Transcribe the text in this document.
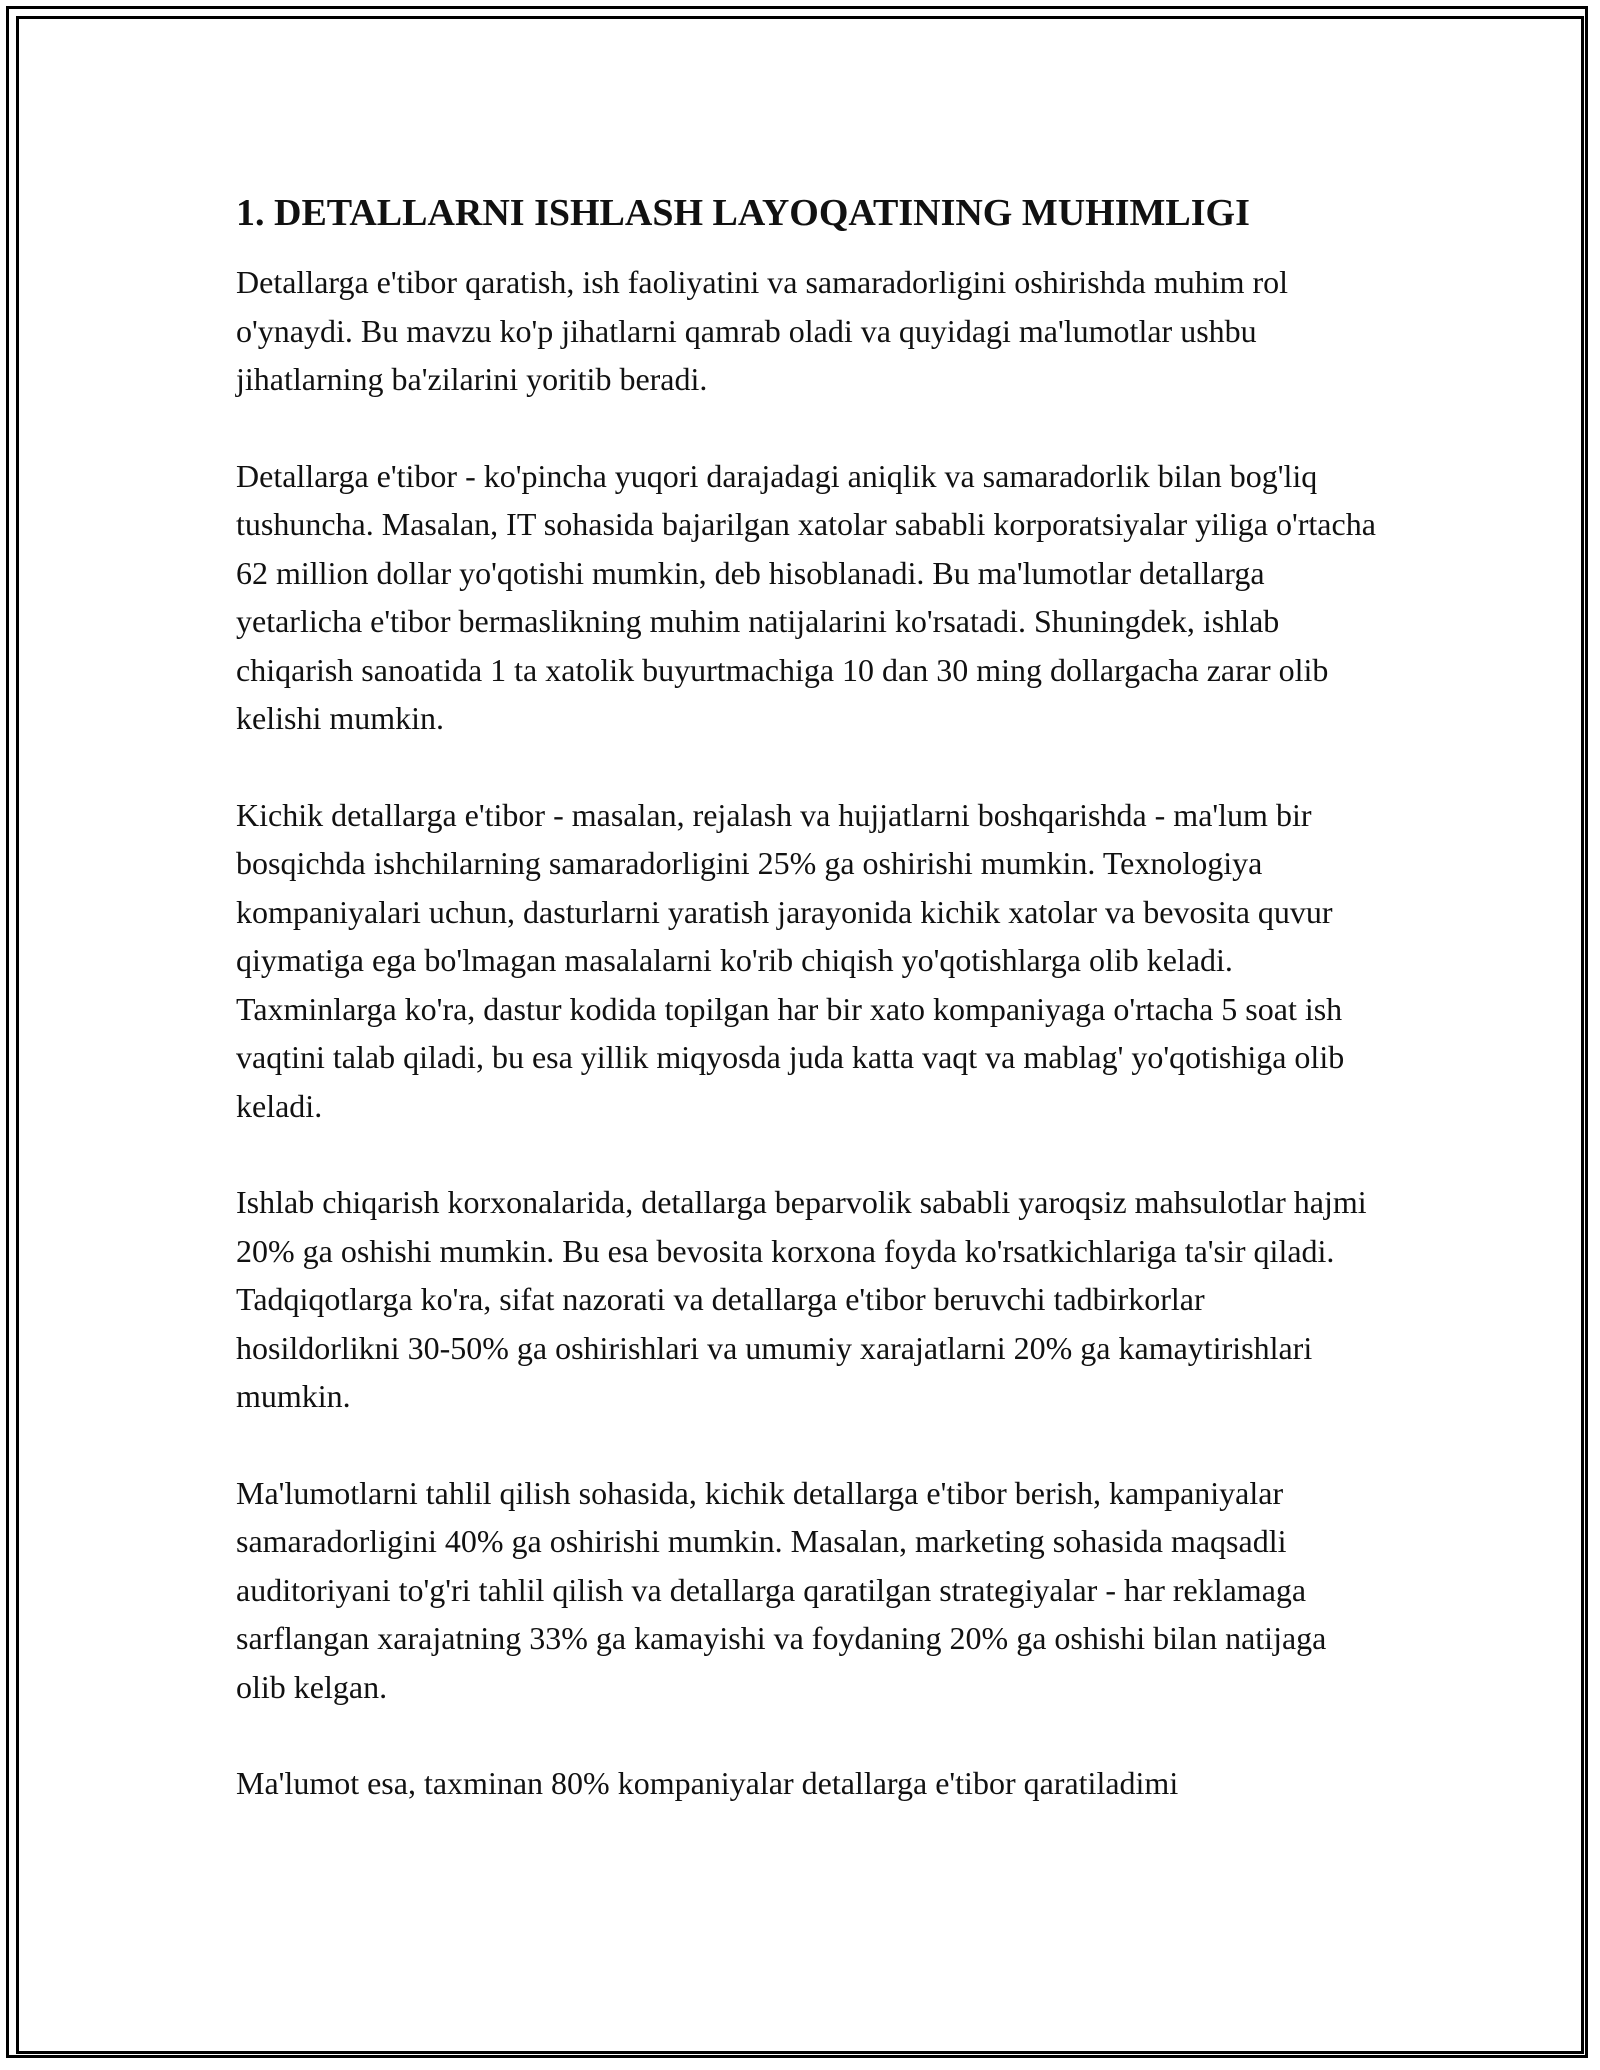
1. DETALLARNI ISHLASH LAYOQATINING MUHIMLIGI

Detallarga e'tibor qaratish, ish faoliyatini va samaradorligini oshirishda muhim rol o'ynaydi. Bu mavzu ko'p jihatlarni qamrab oladi va quyidagi ma'lumotlar ushbu jihatlarning ba'zilarini yoritib beradi.

Detallarga e'tibor - ko'pincha yuqori darajadagi aniqlik va samaradorlik bilan bog'liq tushuncha. Masalan, IT sohasida bajarilgan xatolar sababli korporatsiyalar yiliga o'rtacha 62 million dollar yo'qotishi mumkin, deb hisoblanadi. Bu ma'lumotlar detallarga yetarlicha e'tibor bermaslikning muhim natijalarini ko'rsatadi. Shuningdek, ishlab chiqarish sanoatida 1 ta xatolik buyurtmachiga 10 dan 30 ming dollargacha zarar olib kelishi mumkin.

Kichik detallarga e'tibor - masalan, rejalash va hujjatlarni boshqarishda - ma'lum bir bosqichda ishchilarning samaradorligini 25% ga oshirishi mumkin. Texnologiya kompaniyalari uchun, dasturlarni yaratish jarayonida kichik xatolar va bevosita quvur qiymatiga ega bo'lmagan masalalarni ko'rib chiqish yo'qotishlarga olib keladi. Taxminlarga ko'ra, dastur kodida topilgan har bir xato kompaniyaga o'rtacha 5 soat ish vaqtini talab qiladi, bu esa yillik miqyosda juda katta vaqt va mablag' yo'qotishiga olib keladi.

Ishlab chiqarish korxonalarida, detallarga beparvolik sababli yaroqsiz mahsulotlar hajmi 20% ga oshishi mumkin. Bu esa bevosita korxona foyda ko'rsatkichlariga ta'sir qiladi. Tadqiqotlarga ko'ra, sifat nazorati va detallarga e'tibor beruvchi tadbirkorlar hosildorlikni 30-50% ga oshirishlari va umumiy xarajatlarni 20% ga kamaytirishlari mumkin.

Ma'lumotlarni tahlil qilish sohasida, kichik detallarga e'tibor berish, kampaniyalar samaradorligini 40% ga oshirishi mumkin. Masalan, marketing sohasida maqsadli auditoriyani to'g'ri tahlil qilish va detallarga qaratilgan strategiyalar - har reklamaga sarflangan xarajatning 33% ga kamayishi va foydaning 20% ga oshishi bilan natijaga olib kelgan.

Ma'lumot esa, taxminan 80% kompaniyalar detallarga e'tibor qaratiladimi
